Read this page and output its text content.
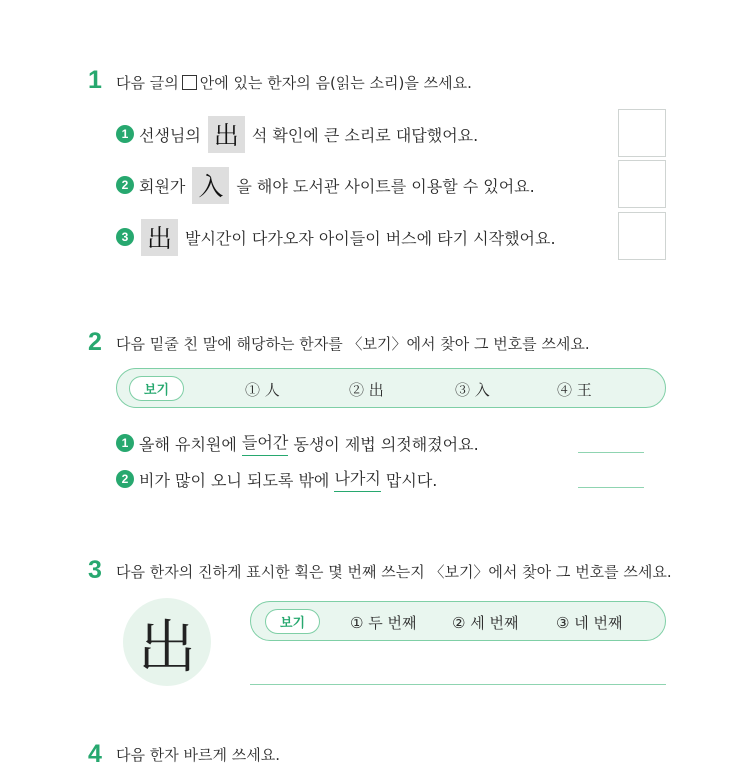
1 다음 글의 안에 있는 한자의 음(읽는 소리)을 쓰세요.
1 선생님의 出 석 확인에 큰 소리로 대답했어요.
2 회원가 入 을 해야 도서관 사이트를 이용할 수 있어요.
3 出 발시간이 다가오자 아이들이 버스에 타기 시작했어요.
2 다음 밑줄 친 말에 해당하는 한자를 〈보기〉에서 찾아 그 번호를 쓰세요.
보기	① 人	② 出	③ 入	④ 王
1 올해 유치원에 들어간 동생이 제법 의젓해졌어요.
2 비가 많이 오니 되도록 밖에 나가지 맙시다.
3 다음 한자의 진하게 표시한 획은 몇 번째 쓰는지 〈보기〉에서 찾아 그 번호를 쓰세요.
出	보기	① 두 번째 ② 세 번째	③ 네 번째
4 다음 한자 바르게 쓰세요.
